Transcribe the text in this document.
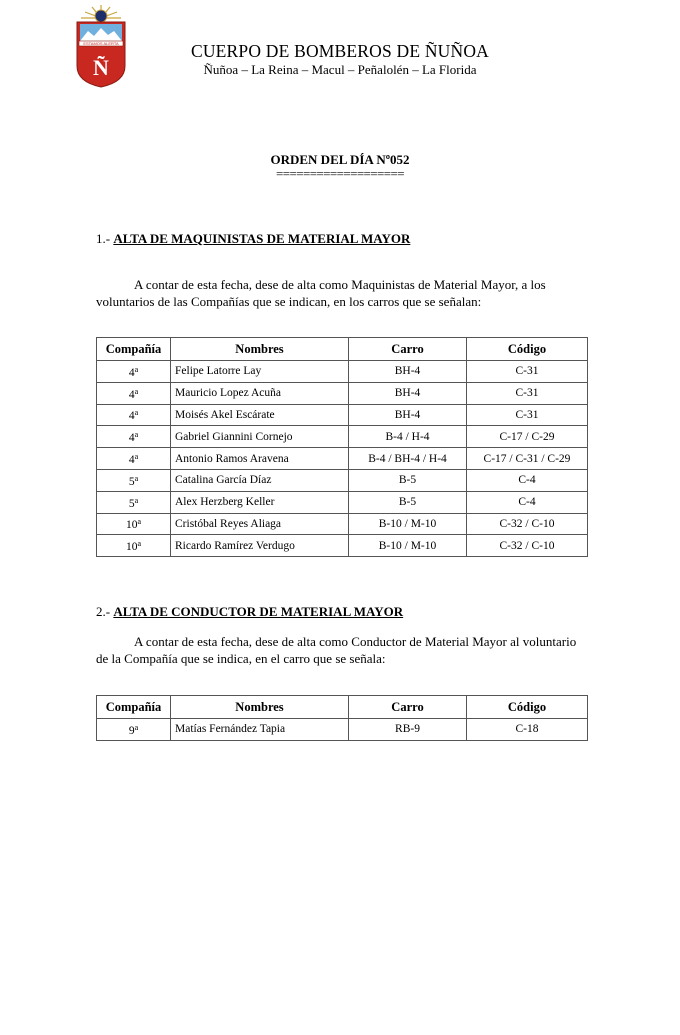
ESTAMOS ALERTA
Ñ
CUERPO DE BOMBEROS DE ÑUÑOA
Ñuñoa – La Reina – Macul – Peñalolén – La Florida
ORDEN DEL DÍA Nº052
===================
1.- ALTA DE MAQUINISTAS DE MATERIAL MAYOR
A contar de esta fecha, dese de alta como Maquinistas de Material Mayor, a los voluntarios de las Compañías que se indican, en los carros que se señalan:
Compañía	Nombres	Carro	Código
4$^a$	Felipe Latorre Lay	BH-4	C-31
4$^a$	Mauricio Lopez Acuña	BH-4	C-31
4$^a$	Moisés Akel Escárate	BH-4	C-31
4$^a$	Gabriel Giannini Cornejo	B-4 / H-4	C-17 / C-29
4$^a$	Antonio Ramos Aravena	B-4 / BH-4 / H-4	C-17 / C-31 / C-29
5$^a$	Catalina García Díaz	B-5	C-4
5$^a$	Alex Herzberg Keller	B-5	C-4
10$^a$	Cristóbal Reyes Aliaga	B-10 / M-10	C-32 / C-10
10$^a$	Ricardo Ramírez Verdugo	B-10 / M-10	C-32 / C-10
2.- ALTA DE CONDUCTOR DE MATERIAL MAYOR
A contar de esta fecha, dese de alta como Conductor de Material Mayor al voluntario de la Compañía que se indica, en el carro que se señala:
Compañía	Nombres	Carro	Código
9$^a$	Matías Fernández Tapia	RB-9	C-18
